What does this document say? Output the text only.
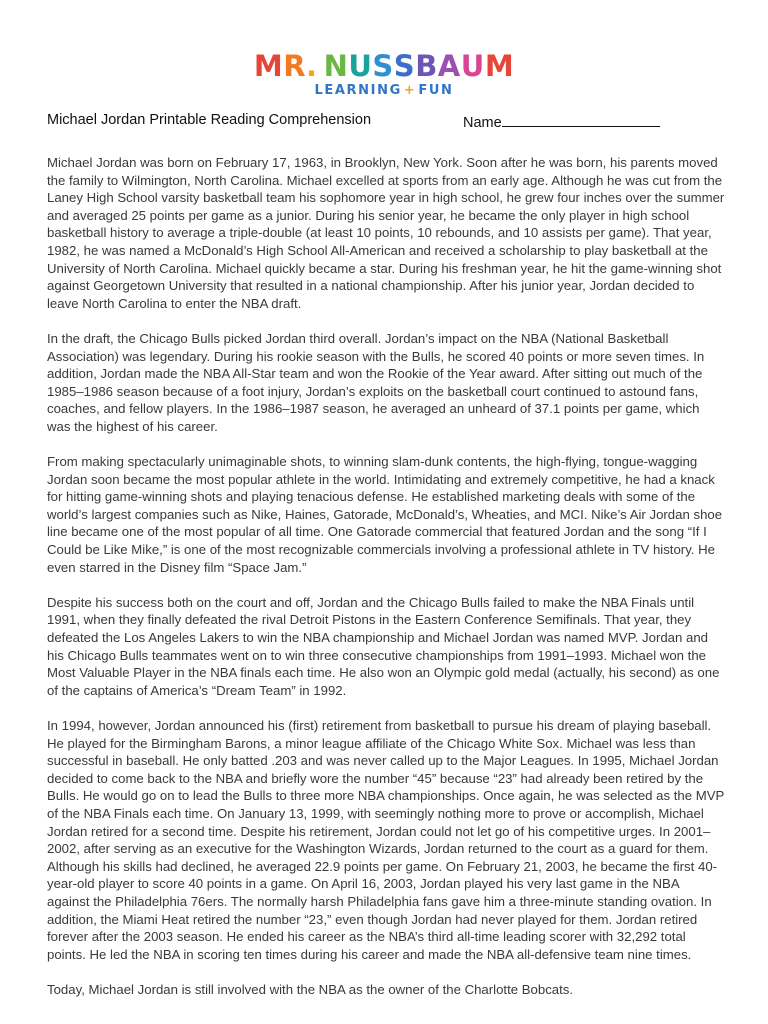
MR. NUSSBAUM
LEARNING + FUN
Michael Jordan Printable Reading Comprehension	Name

Michael Jordan was born on February 17, 1963, in Brooklyn, New York. Soon after he was born, his parents moved the family to Wilmington, North Carolina. Michael excelled at sports from an early age. Although he was cut from the Laney High School varsity basketball team his sophomore year in high school, he grew four inches over the summer and averaged 25 points per game as a junior. During his senior year, he became the only player in high school basketball history to average a triple-double (at least 10 points, 10 rebounds, and 10 assists per game). That year, 1982, he was named a McDonald’s High School All-American and received a scholarship to play basketball at the University of North Carolina. Michael quickly became a star. During his freshman year, he hit the game-winning shot against Georgetown University that resulted in a national championship. After his junior year, Jordan decided to leave North Carolina to enter the NBA draft.

In the draft, the Chicago Bulls picked Jordan third overall. Jordan’s impact on the NBA (National Basketball Association) was legendary. During his rookie season with the Bulls, he scored 40 points or more seven times. In addition, Jordan made the NBA All-Star team and won the Rookie of the Year award. After sitting out much of the 1985–1986 season because of a foot injury, Jordan’s exploits on the basketball court continued to astound fans, coaches, and fellow players. In the 1986–1987 season, he averaged an unheard of 37.1 points per game, which was the highest of his career.

From making spectacularly unimaginable shots, to winning slam-dunk contents, the high-flying, tongue-wagging Jordan soon became the most popular athlete in the world. Intimidating and extremely competitive, he had a knack for hitting game-winning shots and playing tenacious defense. He established marketing deals with some of the world’s largest companies such as Nike, Haines, Gatorade, McDonald’s, Wheaties, and MCI. Nike’s Air Jordan shoe line became one of the most popular of all time. One Gatorade commercial that featured Jordan and the song “If I Could be Like Mike,” is one of the most recognizable commercials involving a professional athlete in TV history. He even starred in the Disney film “Space Jam.”

Despite his success both on the court and off, Jordan and the Chicago Bulls failed to make the NBA Finals until 1991, when they finally defeated the rival Detroit Pistons in the Eastern Conference Semifinals. That year, they defeated the Los Angeles Lakers to win the NBA championship and Michael Jordan was named MVP. Jordan and his Chicago Bulls teammates went on to win three consecutive championships from 1991–1993. Michael won the Most Valuable Player in the NBA finals each time. He also won an Olympic gold medal (actually, his second) as one of the captains of America’s “Dream Team” in 1992.

In 1994, however, Jordan announced his (first) retirement from basketball to pursue his dream of playing baseball. He played for the Birmingham Barons, a minor league affiliate of the Chicago White Sox. Michael was less than successful in baseball. He only batted .203 and was never called up to the Major Leagues. In 1995, Michael Jordan decided to come back to the NBA and briefly wore the number “45” because “23” had already been retired by the Bulls. He would go on to lead the Bulls to three more NBA championships. Once again, he was selected as the MVP of the NBA Finals each time. On January 13, 1999, with seemingly nothing more to prove or accomplish, Michael Jordan retired for a second time. Despite his retirement, Jordan could not let go of his competitive urges. In 2001–2002, after serving as an executive for the Washington Wizards, Jordan returned to the court as a guard for them. Although his skills had declined, he averaged 22.9 points per game. On February 21, 2003, he became the first 40-year-old player to score 40 points in a game. On April 16, 2003, Jordan played his very last game in the NBA against the Philadelphia 76ers. The normally harsh Philadelphia fans gave him a three-minute standing ovation. In addition, the Miami Heat retired the number “23,” even though Jordan had never played for them. Jordan retired forever after the 2003 season. He ended his career as the NBA’s third all-time leading scorer with 32,292 total points. He led the NBA in scoring ten times during his career and made the NBA all-defensive team nine times.

Today, Michael Jordan is still involved with the NBA as the owner of the Charlotte Bobcats.
